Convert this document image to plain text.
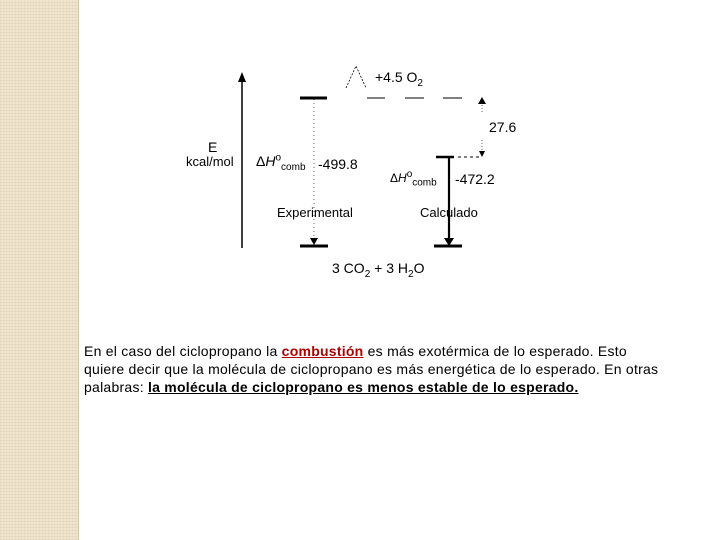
E
kcal/mol
+4.5 $O_2$
27.6
$\Delta H^o_{comb}$ -499.8
$\Delta H^o_{comb}$ -472.2
Experimental	Calculado
3 $CO_2 + 3$ $H_2O$
En el caso del ciclopropano la combustión es más exotérmica de lo esperado. Esto quiere decir que la molécula de ciclopropano es más energética de lo esperado. En otras palabras: la molécula de ciclopropano es menos estable de lo esperado.
